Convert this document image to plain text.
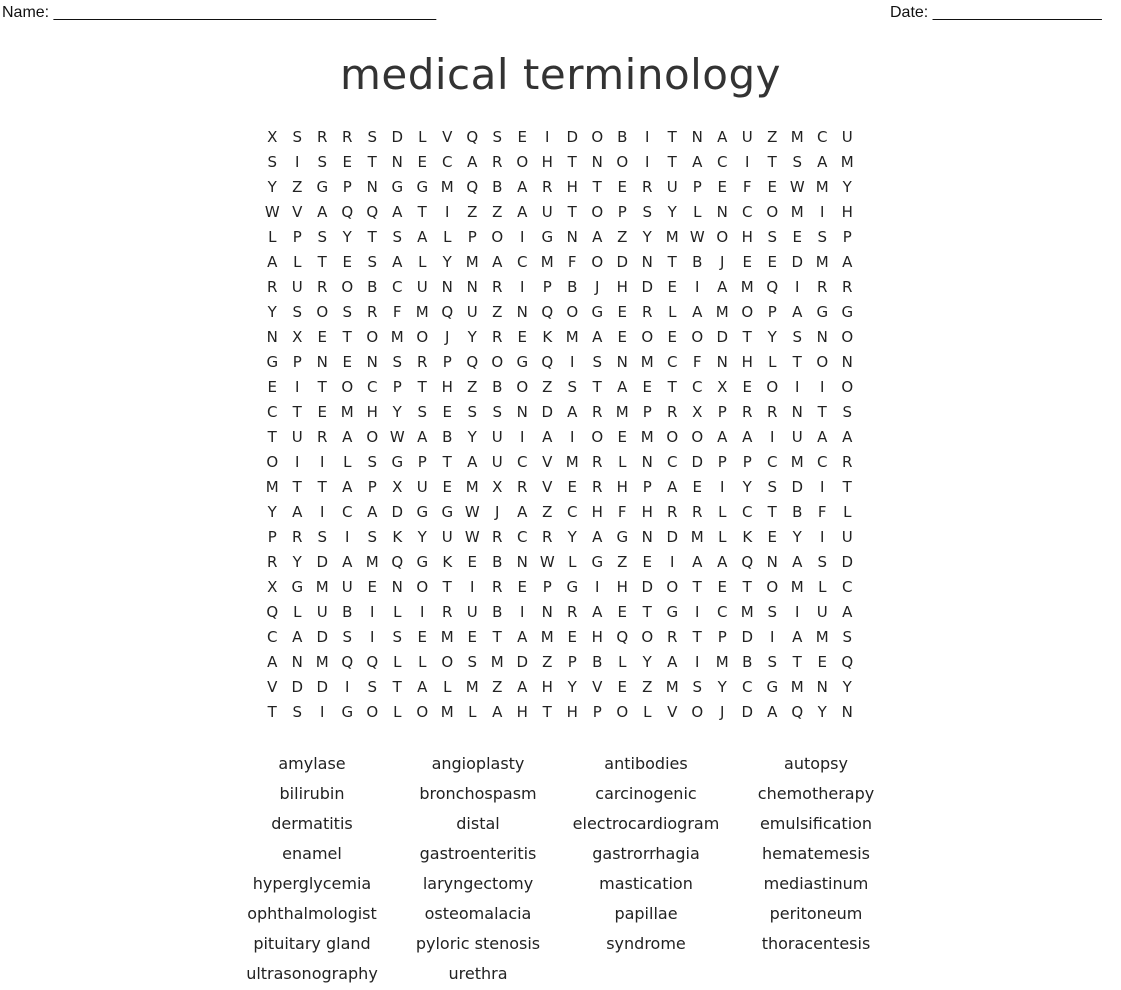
Name: ___________________________________________	Date: ___________________
medical terminology
X S R R S D L	V Q S E	I	D O B	I	T N A U Z M C U
S	I	S E	T N E C A R O H T N O	I	T A C	I	T	S A M
Y Z G P N G G M Q B A R H T	E R U P	E	F	E W M Y
W V A Q Q A T	I	Z Z A U T O P	S	Y	L N C O M	I	H
L	P	S	Y	T	S A	L	P O	I	G N A Z Y M W O H S E	S	P
A	L	T	E	S A	L	Y M A C M F O D N T B	J	E	E D M A
R U R O B C U N N R	I	P B	J	H D E	I	A M Q	I	R R
Y	S O S R F M Q U Z N Q O G E R	L	A M O P A G G
N X E	T O M O	J	Y R E K M A E O E O D T	Y	S N O
G P N E N S R P Q O G Q	I	S N M C F N H L	T O N
E	I	T O C P	T H Z B O Z S	T A E	T C X E O	I	I	O
C T	E M H Y	S E	S S N D A R M P R X P R R N T	S
T U R A O W A B Y U	I	A	I	O E M O O A A	I	U A A
O	I	I	L	S G P	T A U C V M R	L N C D P	P C M C R
M T	T A P X U E M X R V E R H P A E	I	Y	S D	I	T
Y A	I	C A D G G W J	A Z C H F H R R	L	C T B	F	L
P R S	I	S K Y U W R C R Y A G N D M L	K E	Y	I	U
R Y D A M Q G K E B N W L G Z E	I	A A Q N A S D
X G M U E N O T	I	R E	P G	I	H D O T	E	T O M L	C
Q L U B	I	L	I	R U B	I	N R A E	T G	I	C M S	I	U A
C A D S	I	S E M E	T A M E H Q O R T	P D	I	A M S
A N M Q Q L	L O S M D Z P B	L	Y A	I	M B S	T	E Q
V D D	I	S	T A	L M Z A H Y V E Z M S	Y C G M N Y
T	S	I	G O L O M L	A H T H P O L	V O	J	D A Q Y N
amylase	angioplasty	antibodies	autopsy
bilirubin	bronchospasm	carcinogenic	chemotherapy
dermatitis	distal	electrocardiogram	emulsification
enamel	gastroenteritis	gastrorrhagia	hematemesis
hyperglycemia	laryngectomy	mastication	mediastinum
ophthalmologist	osteomalacia	papillae	peritoneum
pituitary gland	pyloric stenosis	syndrome	thoracentesis
ultrasonography	urethra
